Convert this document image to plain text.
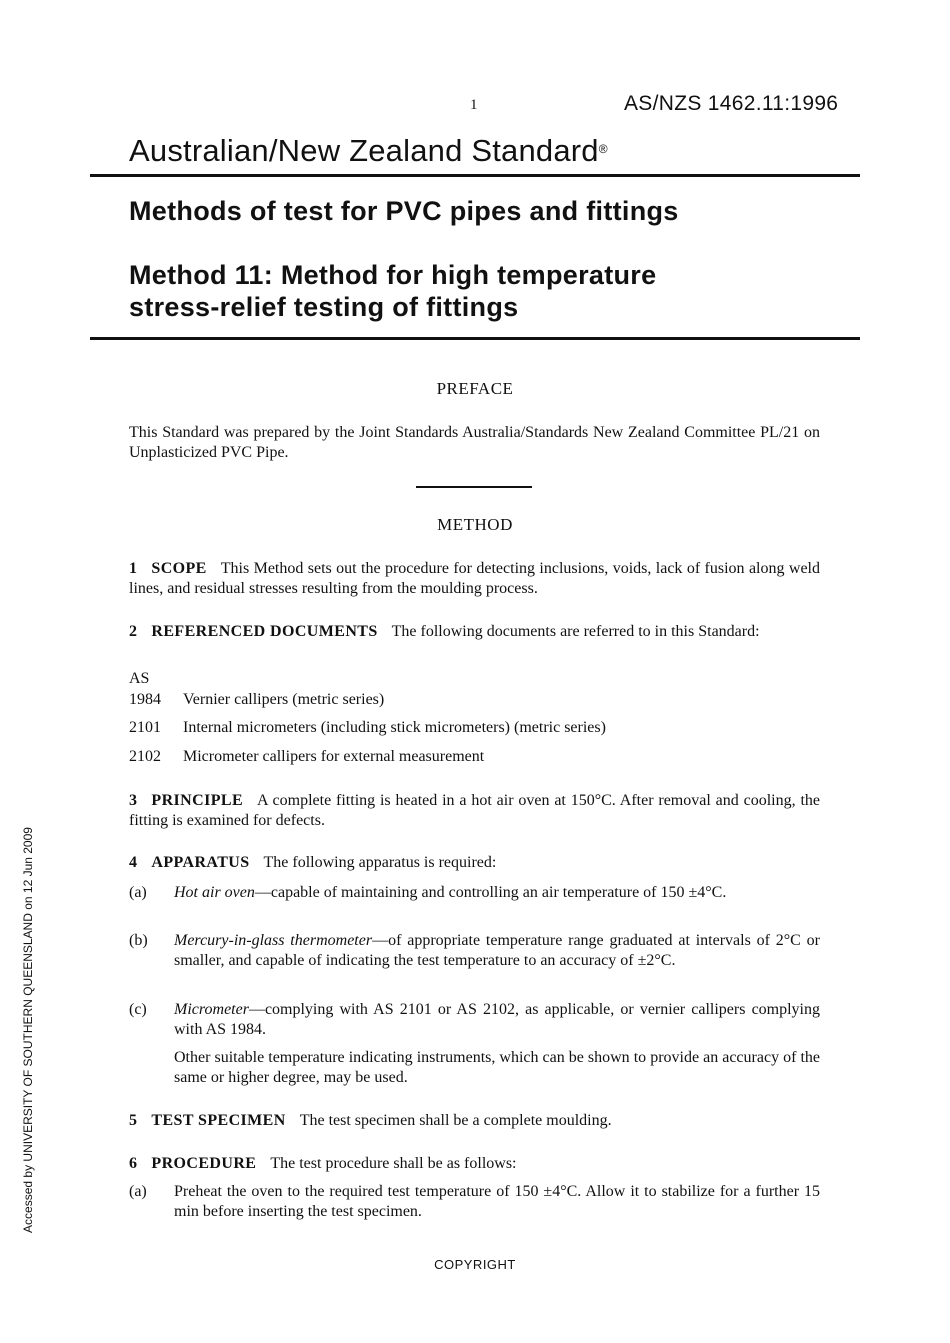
1	AS/NZS 1462.11:1996
Australian/New Zealand Standard®
Methods of test for PVC pipes and fittings
Method 11: Method for high temperature
stress-relief testing of fittings
PREFACE
This Standard was prepared by the Joint Standards Australia/Standards New Zealand Committee PL/21 on Unplasticized PVC Pipe.
METHOD
1 SCOPE This Method sets out the procedure for detecting inclusions, voids, lack of fusion along weld lines, and residual stresses resulting from the moulding process.
2 REFERENCED DOCUMENTS The following documents are referred to in this Standard:
AS
1984 Vernier callipers (metric series)
2101 Internal micrometers (including stick micrometers) (metric series)
2102 Micrometer callipers for external measurement
3 PRINCIPLE A complete fitting is heated in a hot air oven at 150°C. After removal and cooling, the fitting is examined for defects.
4 APPARATUS The following apparatus is required:
(a) Hot air oven—capable of maintaining and controlling an air temperature of 150 ±4°C.
(b) Mercury-in-glass thermometer—of appropriate temperature range graduated at intervals of 2°C or smaller, and capable of indicating the test temperature to an accuracy of ±2°C.
(c) Micrometer—complying with AS 2101 or AS 2102, as applicable, or vernier callipers complying with AS 1984.
Other suitable temperature indicating instruments, which can be shown to provide an accuracy of the same or higher degree, may be used.
5 TEST SPECIMEN The test specimen shall be a complete moulding.
6 PROCEDURE The test procedure shall be as follows:
(a) Preheat the oven to the required test temperature of 150 ±4°C. Allow it to stabilize for a further 15 min before inserting the test specimen.
Accessed by UNIVERSITY OF SOUTHERN QUEENSLAND on 12 Jun 2009
COPYRIGHT
